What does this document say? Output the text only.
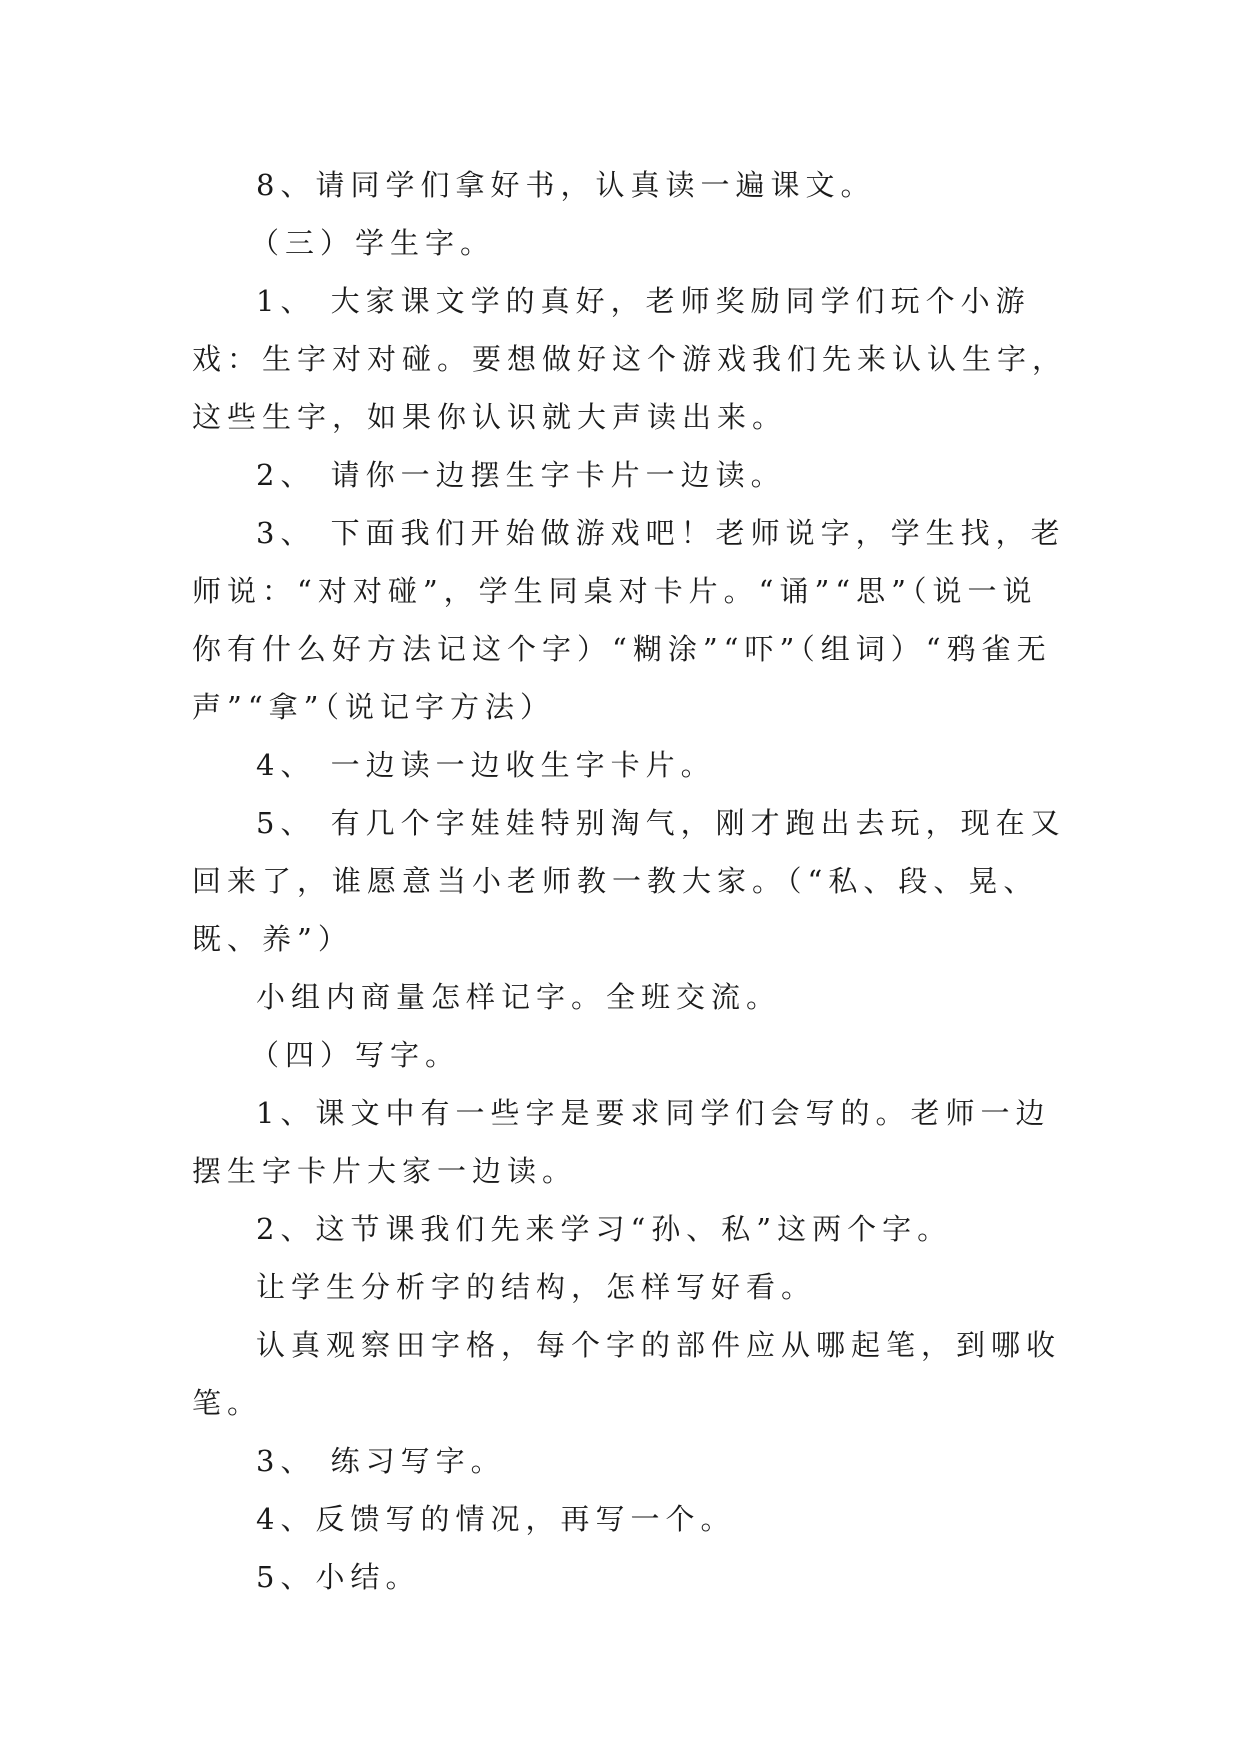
8、请同学们拿好书，认真读一遍课文。

（三）学生字。

1、 大家课文学的真好，老师奖励同学们玩个小游戏：生字对对碰。要想做好这个游戏我们先来认认生字，这些生字，如果你认识就大声读出来。

2、 请你一边摆生字卡片一边读。

3、 下面我们开始做游戏吧！老师说字，学生找，老师说：“对对碰”，学生同桌对卡片。“诵”“思”（说一说你有什么好方法记这个字）“糊涂”“吓”（组词）“鸦雀无声”“拿”（说记字方法）

4、 一边读一边收生字卡片。

5、 有几个字娃娃特别淘气，刚才跑出去玩，现在又回来了，谁愿意当小老师教一教大家。（“私、段、晃、既、养”）

小组内商量怎样记字。全班交流。

（四）写字。

1、课文中有一些字是要求同学们会写的。老师一边摆生字卡片大家一边读。

2、这节课我们先来学习“孙、私”这两个字。

让学生分析字的结构，怎样写好看。

认真观察田字格，每个字的部件应从哪起笔，到哪收笔。

3、 练习写字。

4、反馈写的情况，再写一个。

5、小结。
